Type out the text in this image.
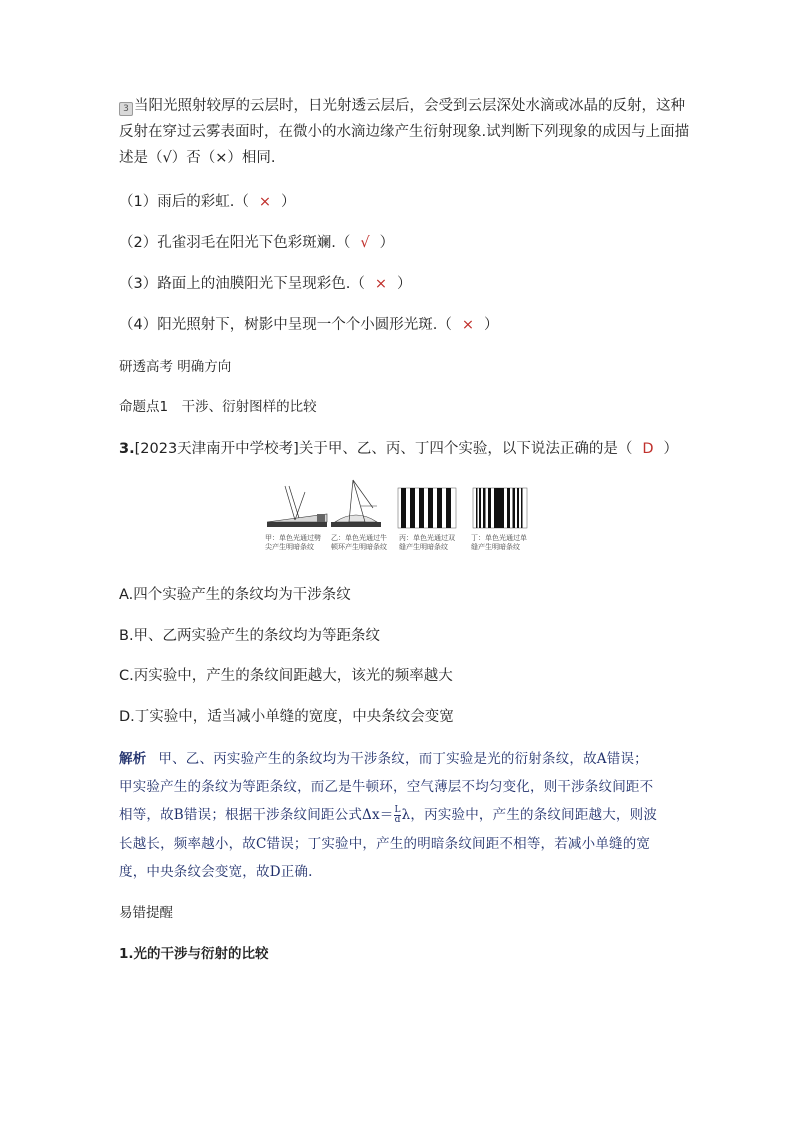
3 当阳光照射较厚的云层时，日光射透云层后，会受到云层深处水滴或冰晶的反射，这种
反射在穿过云雾表面时，在微小的水滴边缘产生衍射现象.试判断下列现象的成因与上面描
述是（√）否（×）相同.
（1）雨后的彩虹.（ × ）
（2）孔雀羽毛在阳光下色彩斑斓.（ √ ）
（3）路面上的油膜阳光下呈现彩色.（ × ）
（4）阳光照射下，树影中呈现一个个小圆形光斑.（ × ）
研透高考 明确方向
命题点1　干涉、衍射图样的比较
3.[2023天津南开中学校考]关于甲、乙、丙、丁四个实验，以下说法正确的是（ D ）
甲：单色光通过劈
尖产生明暗条纹
乙：单色光通过牛
顿环产生明暗条纹
丙：单色光通过双
缝产生明暗条纹
丁：单色光通过单
缝产生明暗条纹
A.四个实验产生的条纹均为干涉条纹
B.甲、乙两实验产生的条纹均为等距条纹
C.丙实验中，产生的条纹间距越大，该光的频率越大
D.丁实验中，适当减小单缝的宽度，中央条纹会变宽
解析 甲、乙、丙实验产生的条纹均为干涉条纹，而丁实验是光的衍射条纹，故A错误；
甲实验产生的条纹为等距条纹，而乙是牛顿环，空气薄层不均匀变化，则干涉条纹间距不
相等，故B错误；根据干涉条纹间距公式$\Delta x= \frac{L}{d}$ λ，丙实验中，产生的条纹间距越大，则波
长越长，频率越小，故C错误；丁实验中，产生的明暗条纹间距不相等，若减小单缝的宽
度，中央条纹会变宽，故D正确.
易错提醒
1.光的干涉与衍射的比较
